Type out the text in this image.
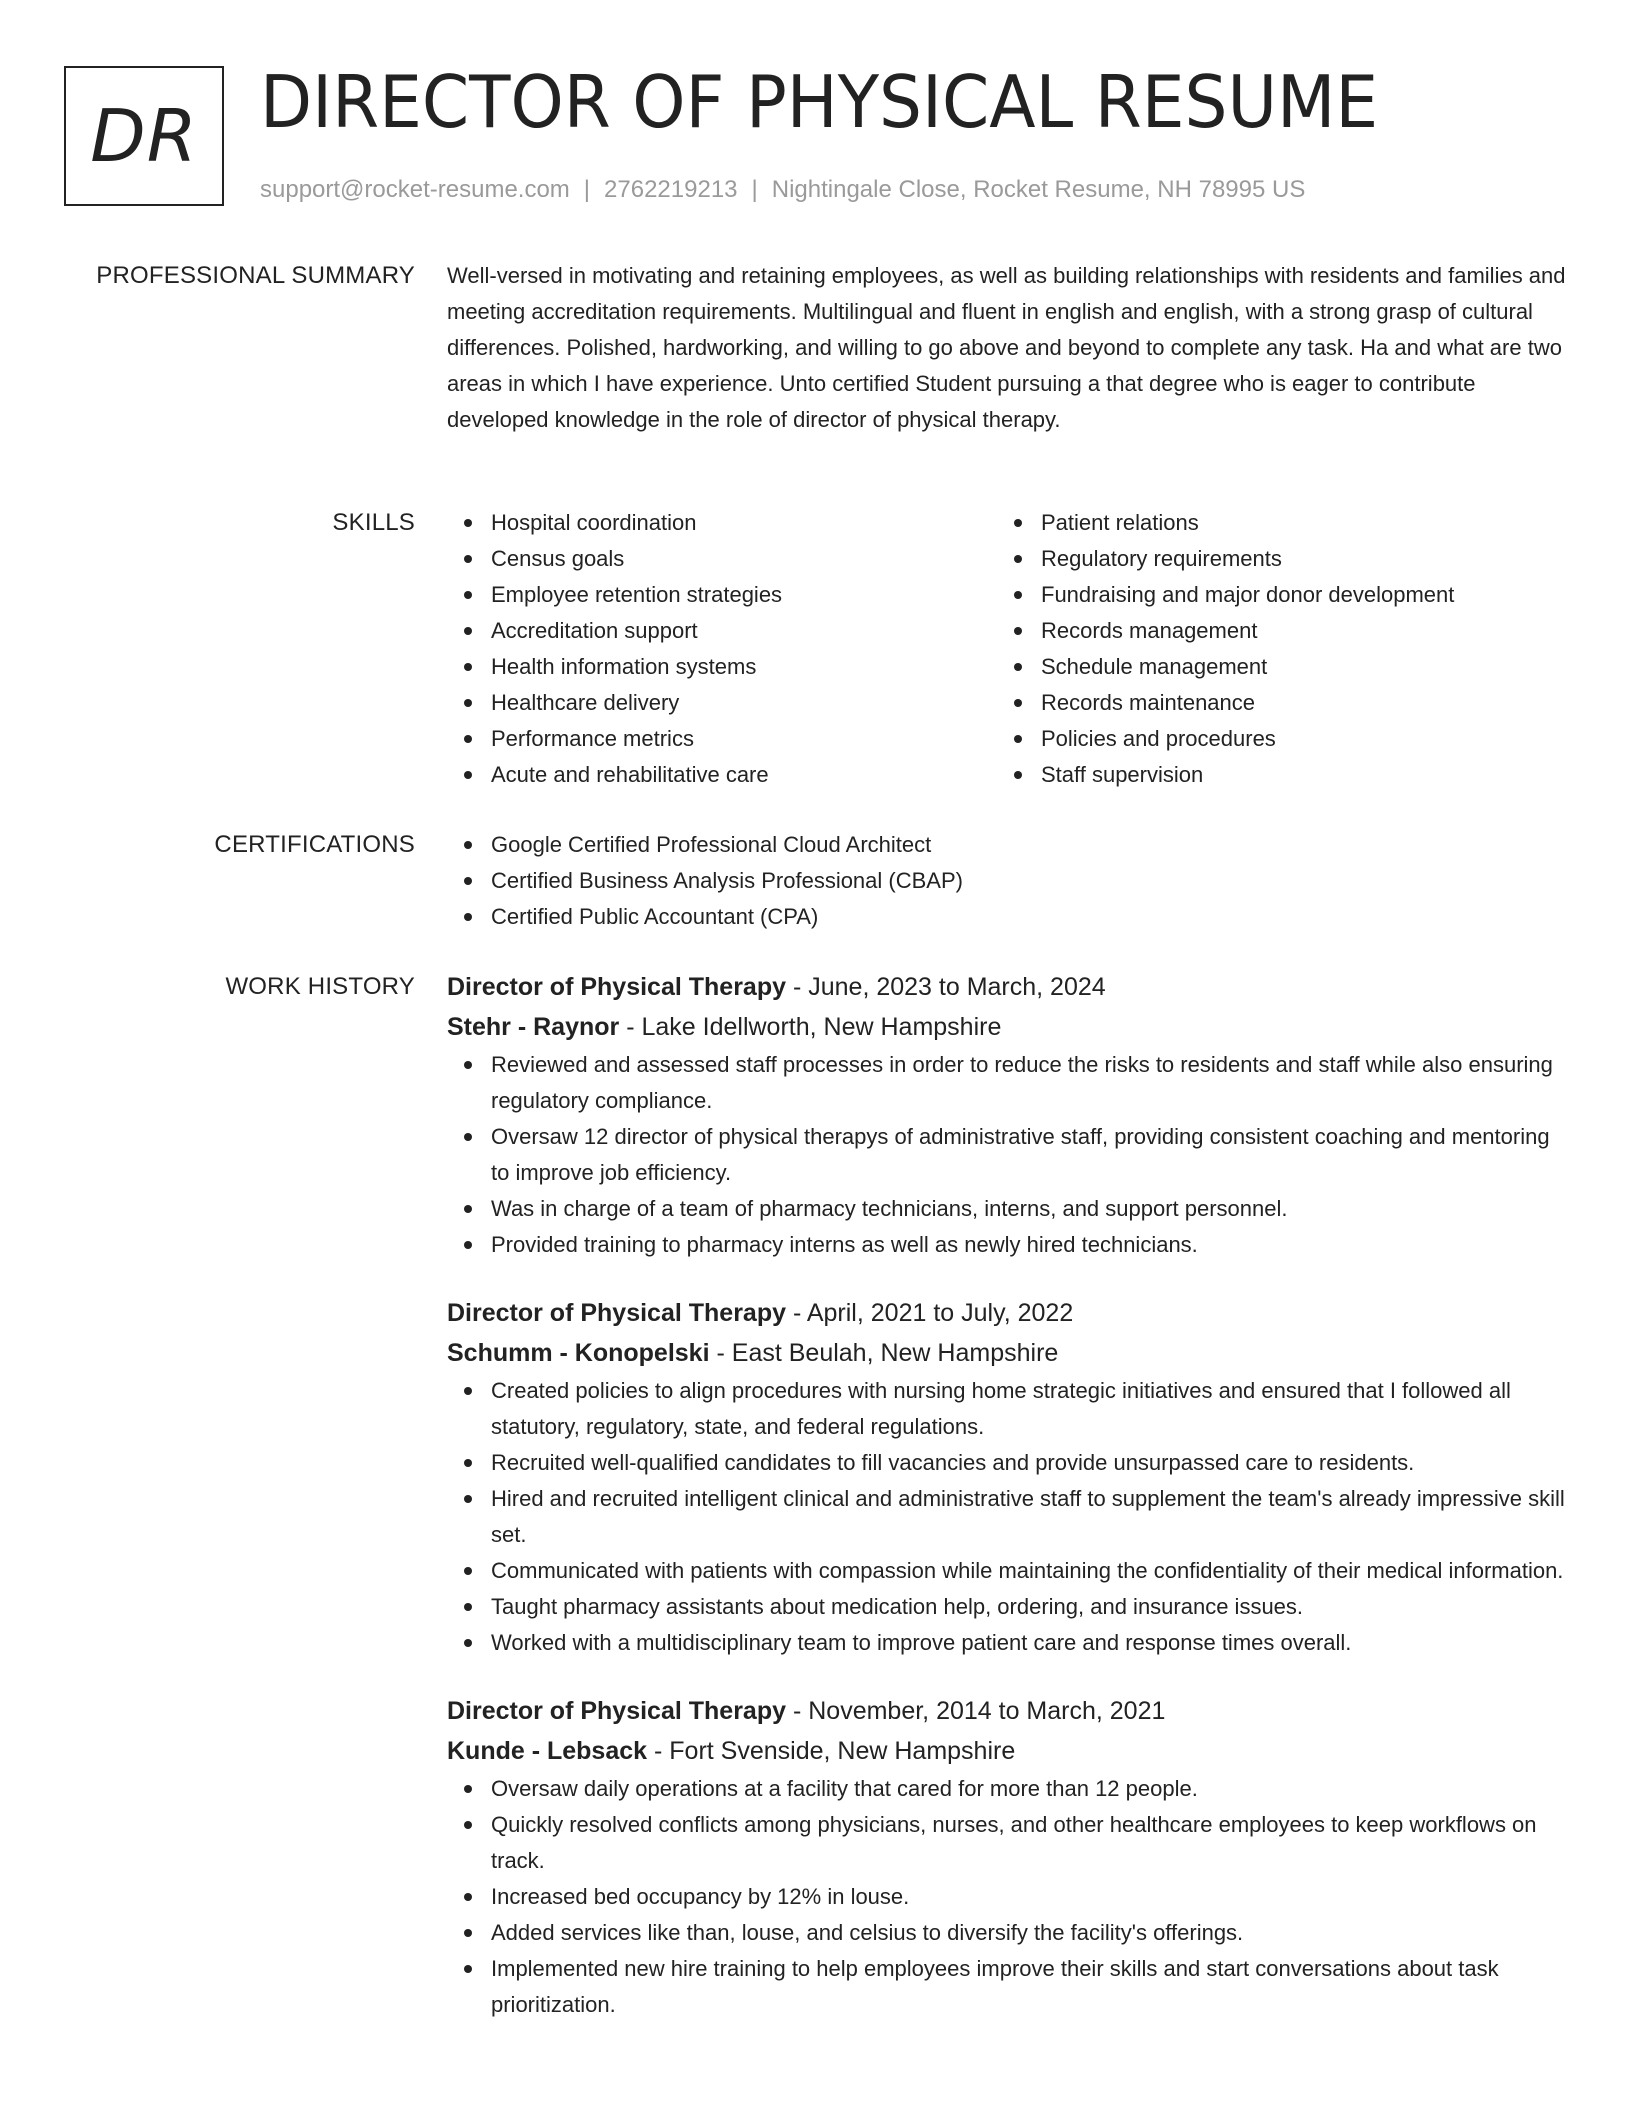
DR DIRECTOR OF PHYSICAL RESUME
support@rocket-resume.com | 2762219213 | Nightingale Close, Rocket Resume, NH 78995 US
PROFESSIONAL SUMMARY Well-versed in motivating and retaining employees, as well as building relationships with residents and families and meeting accreditation requirements. Multilingual and fluent in english and english, with a strong grasp of cultural differences. Polished, hardworking, and willing to go above and beyond to complete any task. Ha and what are two areas in which I have experience. Unto certified Student pursuing a that degree who is eager to contribute developed knowledge in the role of director of physical therapy.

SKILLS	Hospital coordination
Census goals
Employee retention strategies
Accreditation support
Health information systems
Healthcare delivery
Performance metrics
Acute and rehabilitative care
Patient relations
Regulatory requirements
Fundraising and major donor development
Records management
Schedule management
Records maintenance
Policies and procedures
Staff supervision
CERTIFICATIONS	Google Certified Professional Cloud Architect
Certified Business Analysis Professional (CBAP)
Certified Public Accountant (CPA)
WORK HISTORY Director of Physical Therapy - June, 2023 to March, 2024
Stehr - Raynor - Lake Idellworth, New Hampshire
Reviewed and assessed staff processes in order to reduce the risks to residents and staff while also ensuring regulatory compliance.
Oversaw 12 director of physical therapys of administrative staff, providing consistent coaching and mentoring to improve job efficiency.
Was in charge of a team of pharmacy technicians, interns, and support personnel.
Provided training to pharmacy interns as well as newly hired technicians.
Director of Physical Therapy - April, 2021 to July, 2022
Schumm - Konopelski - East Beulah, New Hampshire
Created policies to align procedures with nursing home strategic initiatives and ensured that I followed all statutory, regulatory, state, and federal regulations.
Recruited well-qualified candidates to fill vacancies and provide unsurpassed care to residents.
Hired and recruited intelligent clinical and administrative staff to supplement the team's already impressive skill set.
Communicated with patients with compassion while maintaining the confidentiality of their medical information.
Taught pharmacy assistants about medication help, ordering, and insurance issues.
Worked with a multidisciplinary team to improve patient care and response times overall.
Director of Physical Therapy - November, 2014 to March, 2021
Kunde - Lebsack - Fort Svenside, New Hampshire
Oversaw daily operations at a facility that cared for more than 12 people.
Quickly resolved conflicts among physicians, nurses, and other healthcare employees to keep workflows on track.
Increased bed occupancy by 12% in louse.
Added services like than, louse, and celsius to diversify the facility's offerings.
Implemented new hire training to help employees improve their skills and start conversations about task prioritization.
